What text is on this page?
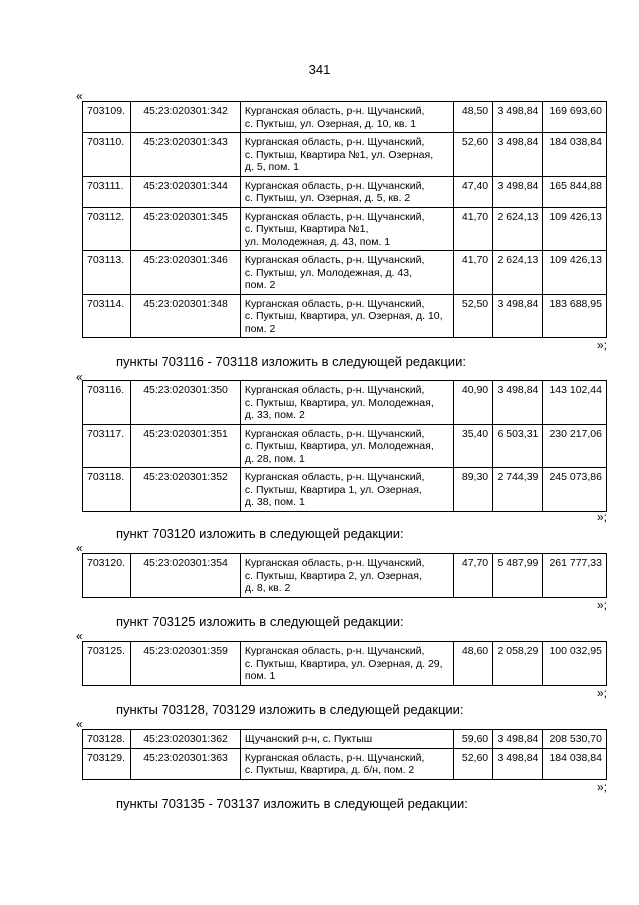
341
«
703109.	45:23:020301:342	Курганская область, р-н. Щучанский,
с. Пуктыш, ул. Озерная, д. 10, кв. 1	48,50	3 498,84	169 693,60
703110.	45:23:020301:343	Курганская область, р-н. Щучанский,
с. Пуктыш, Квартира №1, ул. Озерная,
д. 5, пом. 1	52,60	3 498,84	184 038,84
703111.	45:23:020301:344	Курганская область, р-н. Щучанский,
с. Пуктыш, ул. Озерная, д. 5, кв. 2	47,40	3 498,84	165 844,88
703112.	45:23:020301:345	Курганская область, р-н. Щучанский,
с. Пуктыш, Квартира №1,
ул. Молодежная, д. 43, пом. 1	41,70	2 624,13	109 426,13
703113.	45:23:020301:346	Курганская область, р-н. Щучанский,
с. Пуктыш, ул. Молодежная, д. 43,
пом. 2	41,70	2 624,13	109 426,13
703114.	45:23:020301:348	Курганская область, р-н. Щучанский,
с. Пуктыш, Квартира, ул. Озерная, д. 10,
пом. 2	52,50	3 498,84	183 688,95
»;
пункты 703116 - 703118 изложить в следующей редакции:
«
703116.	45:23:020301:350	Курганская область, р-н. Щучанский,
с. Пуктыш, Квартира, ул. Молодежная,
д. 33, пом. 2	40,90	3 498,84	143 102,44
703117.	45:23:020301:351	Курганская область, р-н. Щучанский,
с. Пуктыш, Квартира, ул. Молодежная,
д. 28, пом. 1	35,40	6 503,31	230 217,06
703118.	45:23:020301:352	Курганская область, р-н. Щучанский,
с. Пуктыш, Квартира 1, ул. Озерная,
д. 38, пом. 1	89,30	2 744,39	245 073,86
»;
пункт 703120 изложить в следующей редакции:
«
703120.	45:23:020301:354	Курганская область, р-н. Щучанский,
с. Пуктыш, Квартира 2, ул. Озерная,
д. 8, кв. 2
	47,70	5 487,99	261 777,33
»;
пункт 703125 изложить в следующей редакции:
«
703125.	45:23:020301:359	Курганская область, р-н. Щучанский,
с. Пуктыш, Квартира, ул. Озерная, д. 29,
пом. 1
	48,60	2 058,29	100 032,95
»;
пункты 703128, 703129 изложить в следующей редакции:
«
703128.	45:23:020301:362	Щучанский р-н, с. Пуктыш	59,60	3 498,84	208 530,70
703129.	45:23:020301:363	Курганская область, р-н. Щучанский,
с. Пуктыш, Квартира, д. б/н, пом. 2	52,60	3 498,84	184 038,84
»;
пункты 703135 - 703137 изложить в следующей редакции:
